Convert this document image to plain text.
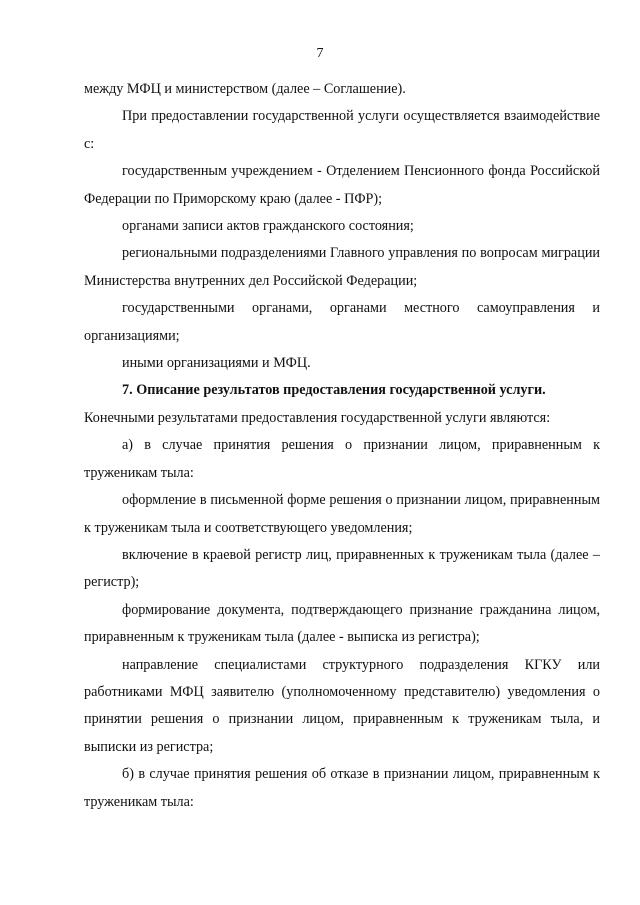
7

между МФЦ и министерством (далее – Соглашение).

При предоставлении государственной услуги осуществляется взаимодействие с:

государственным учреждением - Отделением Пенсионного фонда Российской Федерации по Приморскому краю (далее - ПФР);

органами записи актов гражданского состояния;

региональными подразделениями Главного управления по вопросам миграции Министерства внутренних дел Российской Федерации;

государственными органами, органами местного самоуправления и организациями;

иными организациями и МФЦ.

7. Описание результатов предоставления государственной услуги.

Конечными результатами предоставления государственной услуги являются:

а) в случае принятия решения о признании лицом, приравненным к труженикам тыла:

оформление в письменной форме решения о признании лицом, приравненным к труженикам тыла и соответствующего уведомления;

включение в краевой регистр лиц, приравненных к труженикам тыла (далее – регистр);

формирование документа, подтверждающего признание гражданина лицом, приравненным к труженикам тыла (далее - выписка из регистра);

направление специалистами структурного подразделения КГКУ или работниками МФЦ заявителю (уполномоченному представителю) уведомления о принятии решения о признании лицом, приравненным к труженикам тыла, и выписки из регистра;

б) в случае принятия решения об отказе в признании лицом, приравненным к труженикам тыла:
